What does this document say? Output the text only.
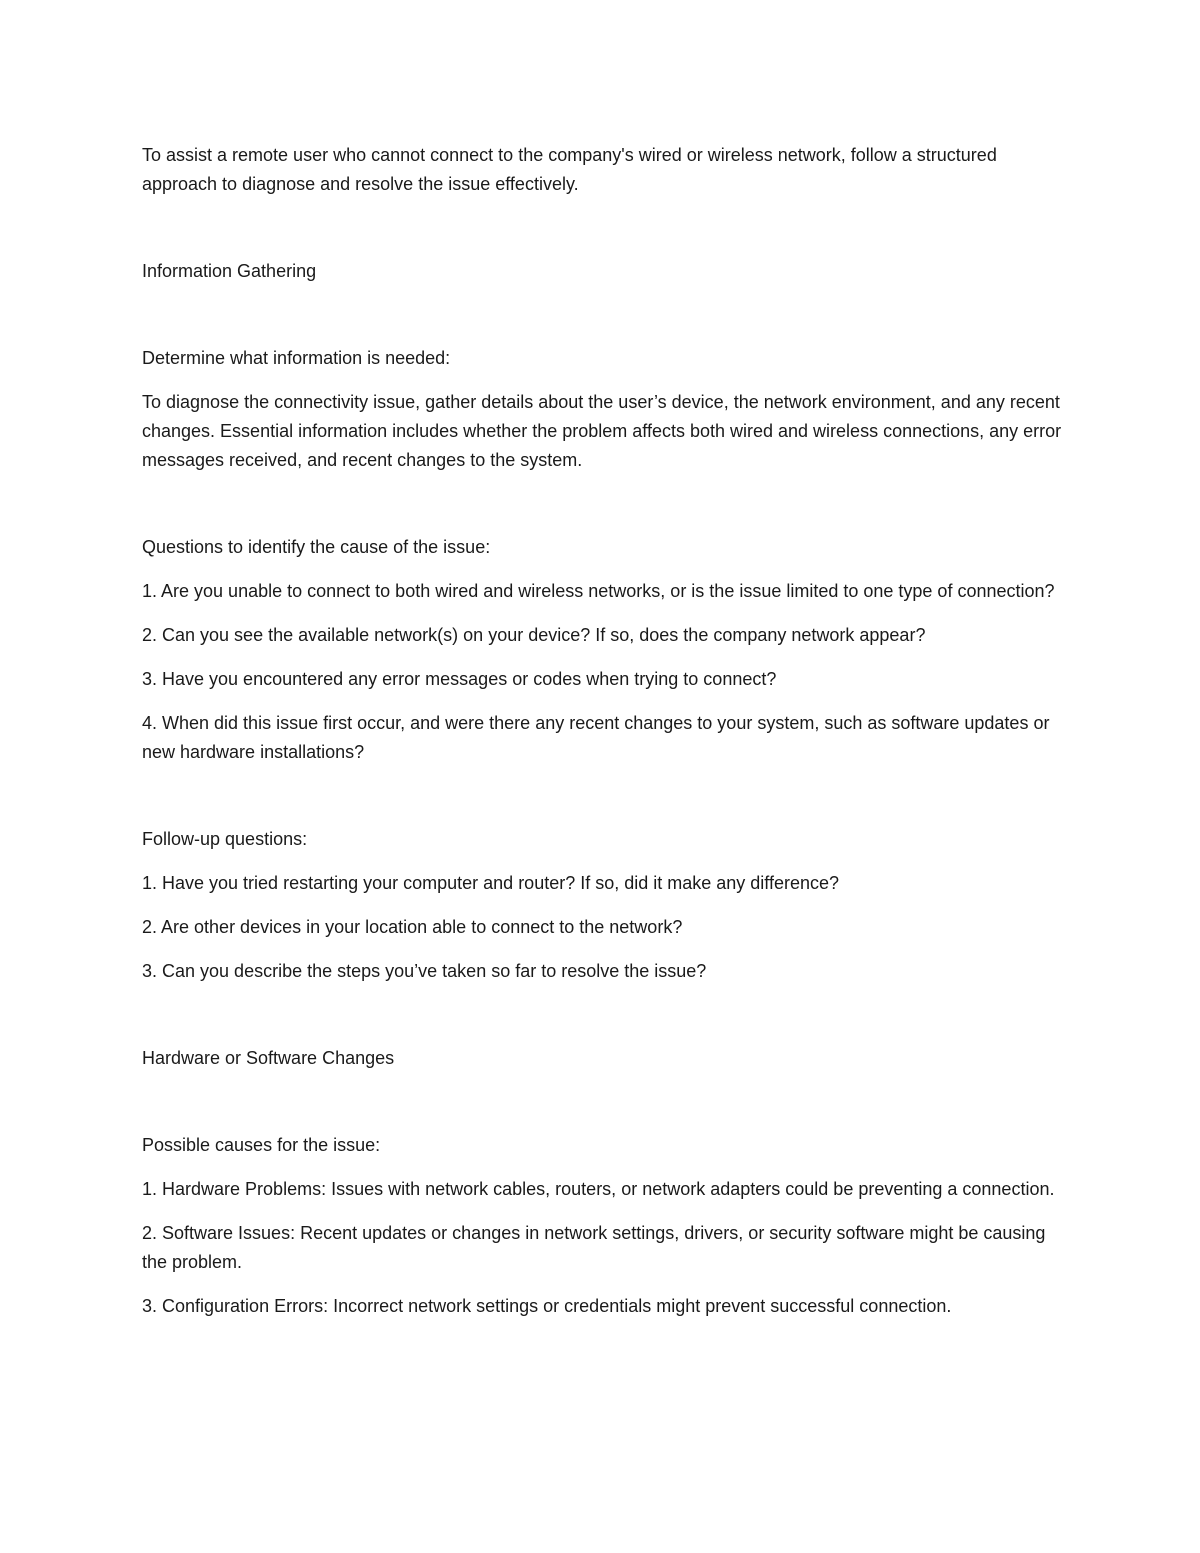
To assist a remote user who cannot connect to the company's wired or wireless network, follow a structured approach to diagnose and resolve the issue effectively.

Information Gathering

Determine what information is needed:

To diagnose the connectivity issue, gather details about the user’s device, the network environment, and any recent changes. Essential information includes whether the problem affects both wired and wireless connections, any error messages received, and recent changes to the system.

Questions to identify the cause of the issue:

1. Are you unable to connect to both wired and wireless networks, or is the issue limited to one type of connection?

2. Can you see the available network(s) on your device? If so, does the company network appear?

3. Have you encountered any error messages or codes when trying to connect?

4. When did this issue first occur, and were there any recent changes to your system, such as software updates or new hardware installations?

Follow-up questions:

1. Have you tried restarting your computer and router? If so, did it make any difference?

2. Are other devices in your location able to connect to the network?

3. Can you describe the steps you’ve taken so far to resolve the issue?

Hardware or Software Changes

Possible causes for the issue:

1. Hardware Problems: Issues with network cables, routers, or network adapters could be preventing a connection.

2. Software Issues: Recent updates or changes in network settings, drivers, or security software might be causing the problem.

3. Configuration Errors: Incorrect network settings or credentials might prevent successful connection.
